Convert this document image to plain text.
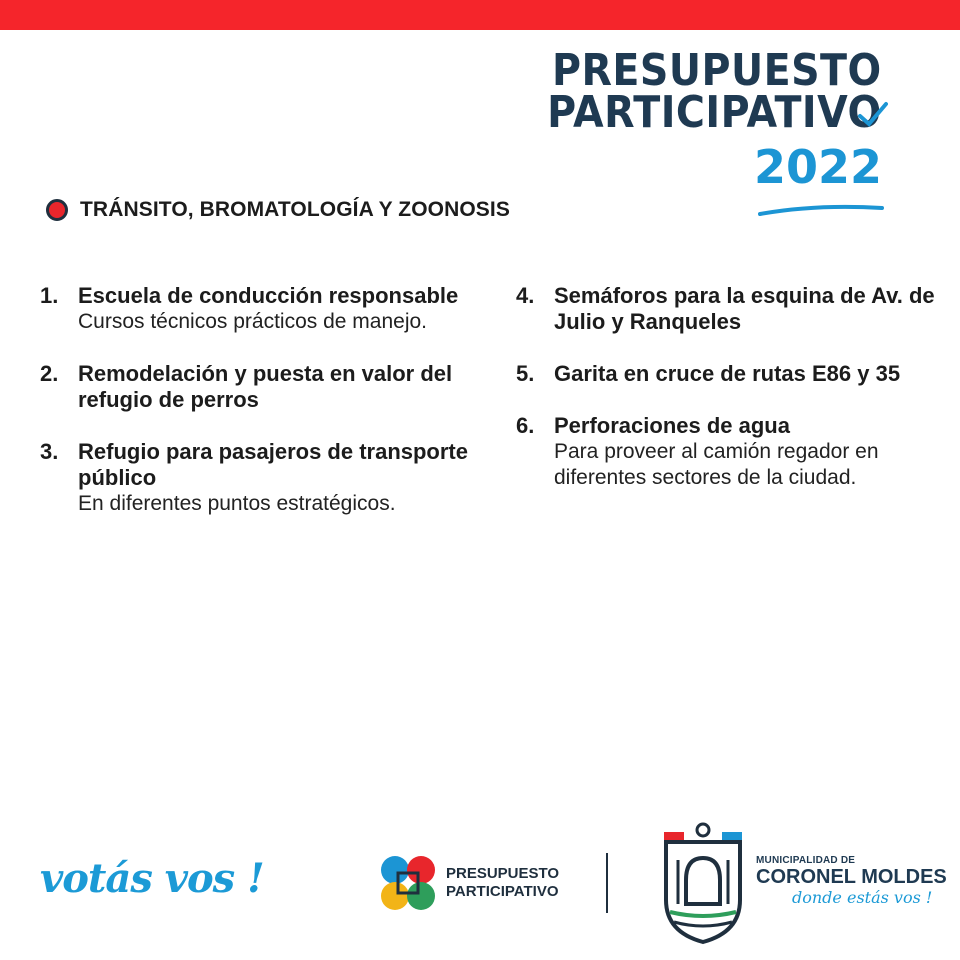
PRESUPUESTO
PARTICIPATIVO
2022
TRÁNSITO, BROMATOLOGÍA Y ZOONOSIS
1. Escuela de conducción responsable
Cursos técnicos prácticos de manejo.
2. Remodelación y puesta en valor del refugio de perros
3. Refugio para pasajeros de transporte público
En diferentes puntos estratégicos.
4. Semáforos para la esquina de Av. de Julio y Ranqueles
5. Garita en cruce de rutas E86 y 35
6. Perforaciones de agua
Para proveer al camión regador en diferentes sectores de la ciudad.
votás vos !	PRESUPUESTO
PARTICIPATIVO
MUNICIPALIDAD DE
CORONEL MOLDES
donde estás vos !
